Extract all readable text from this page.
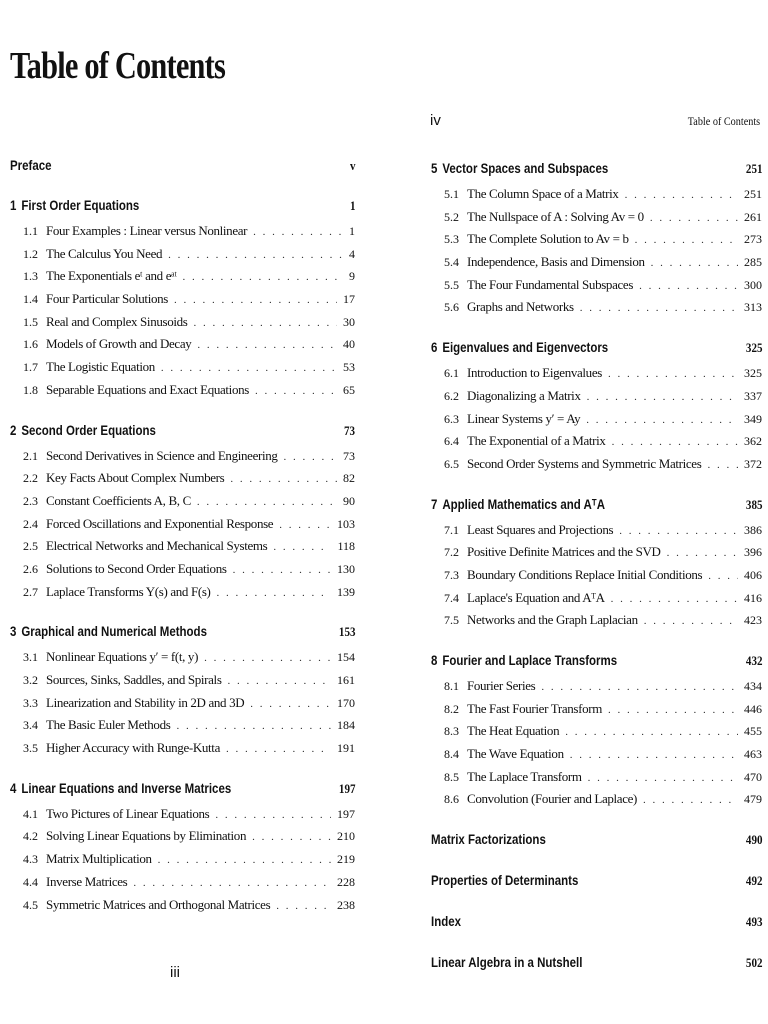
Table of Contents
iv	Table of Contents
Preface	v
1 First Order Equations	1
1.1 Four Examples : Linear versus Nonlinear . . .	1
1.2 The Calculus You Need . . .	4
1.3 The Exponentials eᵗ and eᵃᵗ . . .	9
1.4 Four Particular Solutions . . .	17
1.5 Real and Complex Sinusoids . . .	30
1.6 Models of Growth and Decay . . .	40
1.7 The Logistic Equation . . .	53
1.8 Separable Equations and Exact Equations . . .	65
2 Second Order Equations	73
2.1 Second Derivatives in Science and Engineering . . .	73
2.2 Key Facts About Complex Numbers . . .	82
2.3 Constant Coefficients A, B, C . . .	90
2.4 Forced Oscillations and Exponential Response . . .	103
2.5 Electrical Networks and Mechanical Systems . . .	118
2.6 Solutions to Second Order Equations . . .	130
2.7 Laplace Transforms Y(s) and F(s) . . .	139
3 Graphical and Numerical Methods	153
3.1 Nonlinear Equations y′ = f(t, y) . . .	154
3.2 Sources, Sinks, Saddles, and Spirals . . .	161
3.3 Linearization and Stability in 2D and 3D . . .	170
3.4 The Basic Euler Methods . . .	184
3.5 Higher Accuracy with Runge-Kutta . . .	191
4 Linear Equations and Inverse Matrices	197
4.1 Two Pictures of Linear Equations . . .	197
4.2 Solving Linear Equations by Elimination . . .	210
4.3 Matrix Multiplication . . .	219
4.4 Inverse Matrices . . .	228
4.5 Symmetric Matrices and Orthogonal Matrices . . .	238
5 Vector Spaces and Subspaces	251
5.1 The Column Space of a Matrix . . .	251
5.2 The Nullspace of A : Solving Av = 0 . . .	261
5.3 The Complete Solution to Av = b . . .	273
5.4 Independence, Basis and Dimension . . .	285
5.5 The Four Fundamental Subspaces . . .	300
5.6 Graphs and Networks . . .	313
6 Eigenvalues and Eigenvectors	325
6.1 Introduction to Eigenvalues . . .	325
6.2 Diagonalizing a Matrix . . .	337
6.3 Linear Systems y′ = Ay . . .	349
6.4 The Exponential of a Matrix . . .	362
6.5 Second Order Systems and Symmetric Matrices . . .	372
7 Applied Mathematics and AᵀA	385
7.1 Least Squares and Projections . . .	386
7.2 Positive Definite Matrices and the SVD . . .	396
7.3 Boundary Conditions Replace Initial Conditions . . .	406
7.4 Laplace's Equation and AᵀA . . .	416
7.5 Networks and the Graph Laplacian . . .	423
8 Fourier and Laplace Transforms	432
8.1 Fourier Series . . .	434
8.2 The Fast Fourier Transform . . .	446
8.3 The Heat Equation . . .	455
8.4 The Wave Equation . . .	463
8.5 The Laplace Transform . . .	470
8.6 Convolution (Fourier and Laplace) . . .	479
Matrix Factorizations	490
Properties of Determinants	492
Index	493
Linear Algebra in a Nutshell	502
iii
